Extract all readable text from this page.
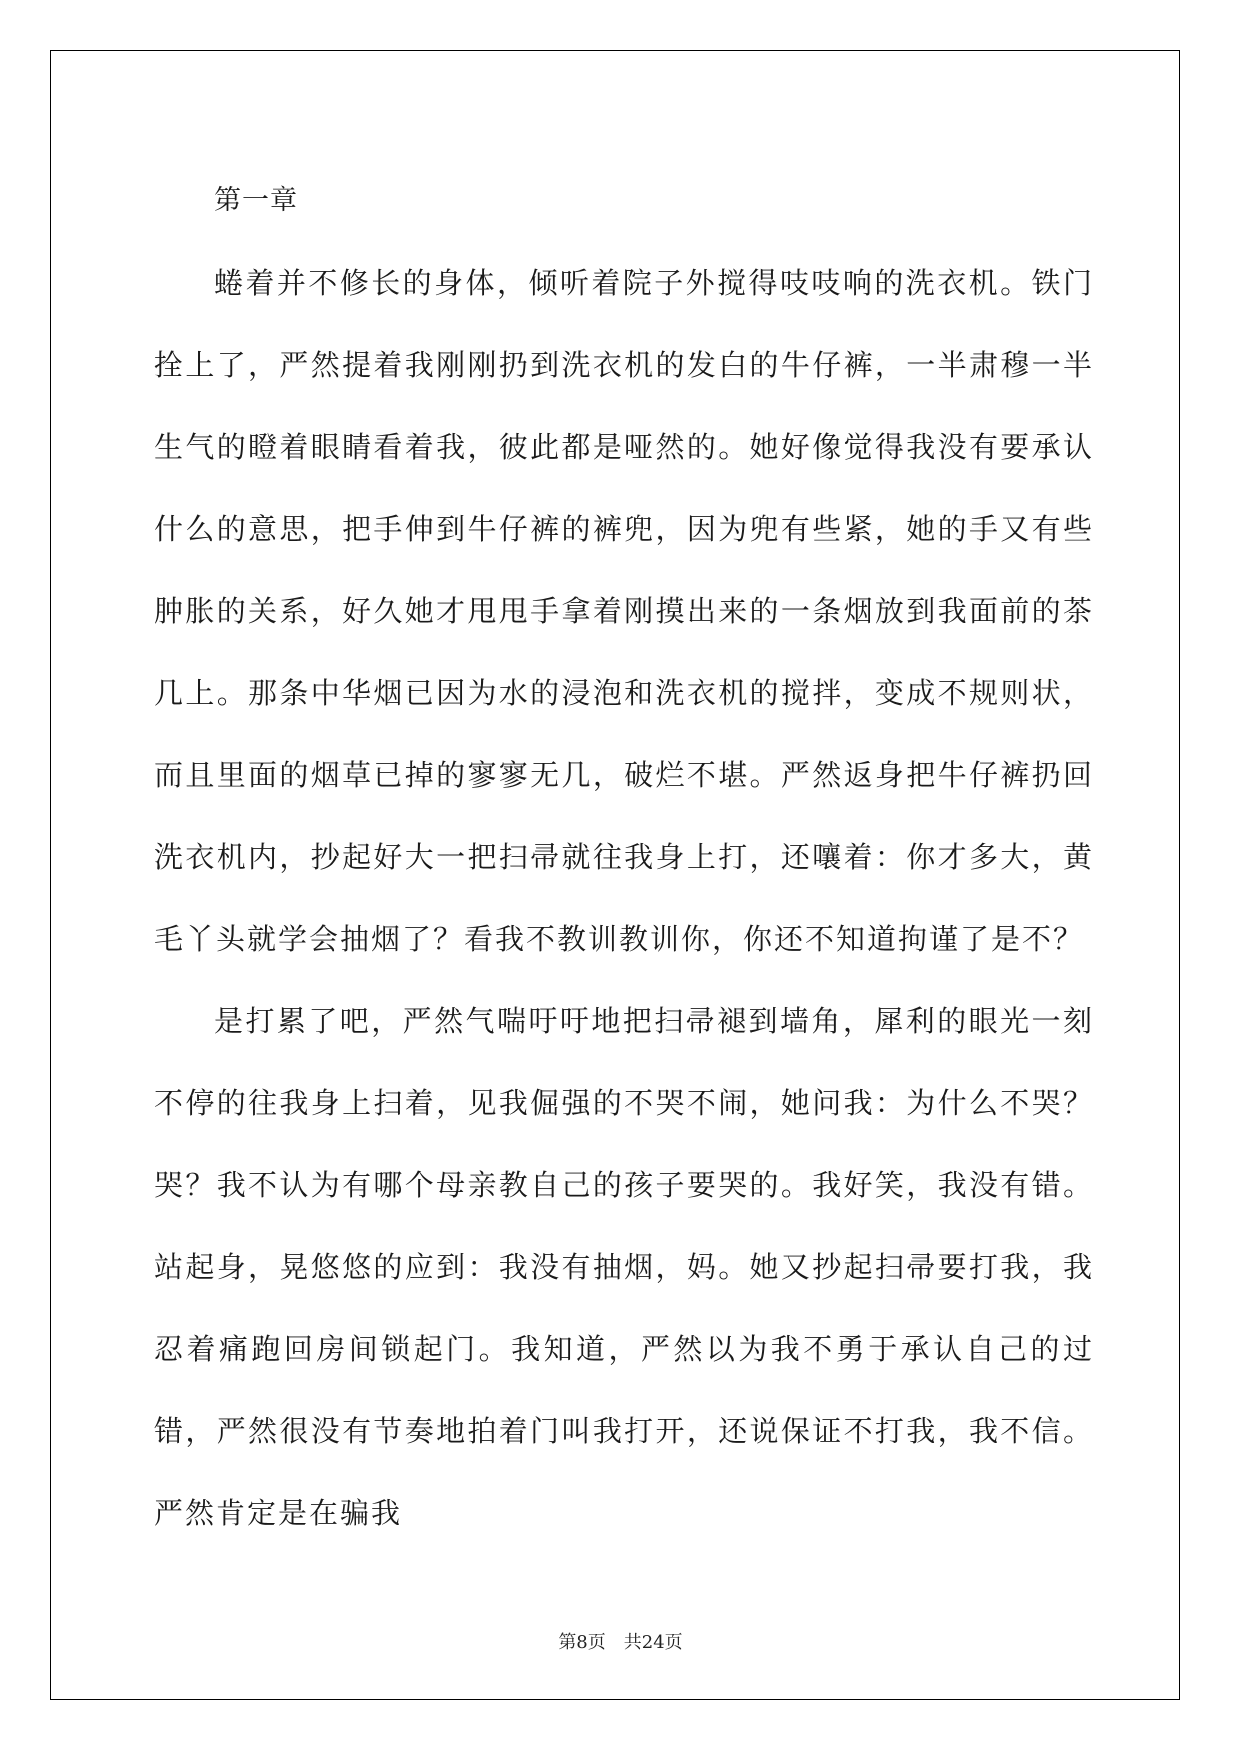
第一章

蜷着并不修长的身体，倾听着院子外搅得吱吱响的洗衣机。铁门拴上了，严然提着我刚刚扔到洗衣机的发白的牛仔裤，一半肃穆一半生气的瞪着眼睛看着我，彼此都是哑然的。她好像觉得我没有要承认什么的意思，把手伸到牛仔裤的裤兜，因为兜有些紧，她的手又有些肿胀的关系，好久她才甩甩手拿着刚摸出来的一条烟放到我面前的茶几上。那条中华烟已因为水的浸泡和洗衣机的搅拌，变成不规则状，而且里面的烟草已掉的寥寥无几，破烂不堪。严然返身把牛仔裤扔回洗衣机内，抄起好大一把扫帚就往我身上打，还嚷着：你才多大，黄毛丫头就学会抽烟了？看我不教训教训你，你还不知道拘谨了是不？

是打累了吧，严然气喘吁吁地把扫帚褪到墙角，犀利的眼光一刻不停的往我身上扫着，见我倔强的不哭不闹，她问我：为什么不哭？哭？我不认为有哪个母亲教自己的孩子要哭的。我好笑，我没有错。站起身，晃悠悠的应到：我没有抽烟，妈。她又抄起扫帚要打我，我忍着痛跑回房间锁起门。我知道，严然以为我不勇于承认自己的过错，严然很没有节奏地拍着门叫我打开，还说保证不打我，我不信。严然肯定是在骗我

第8页 共24页
